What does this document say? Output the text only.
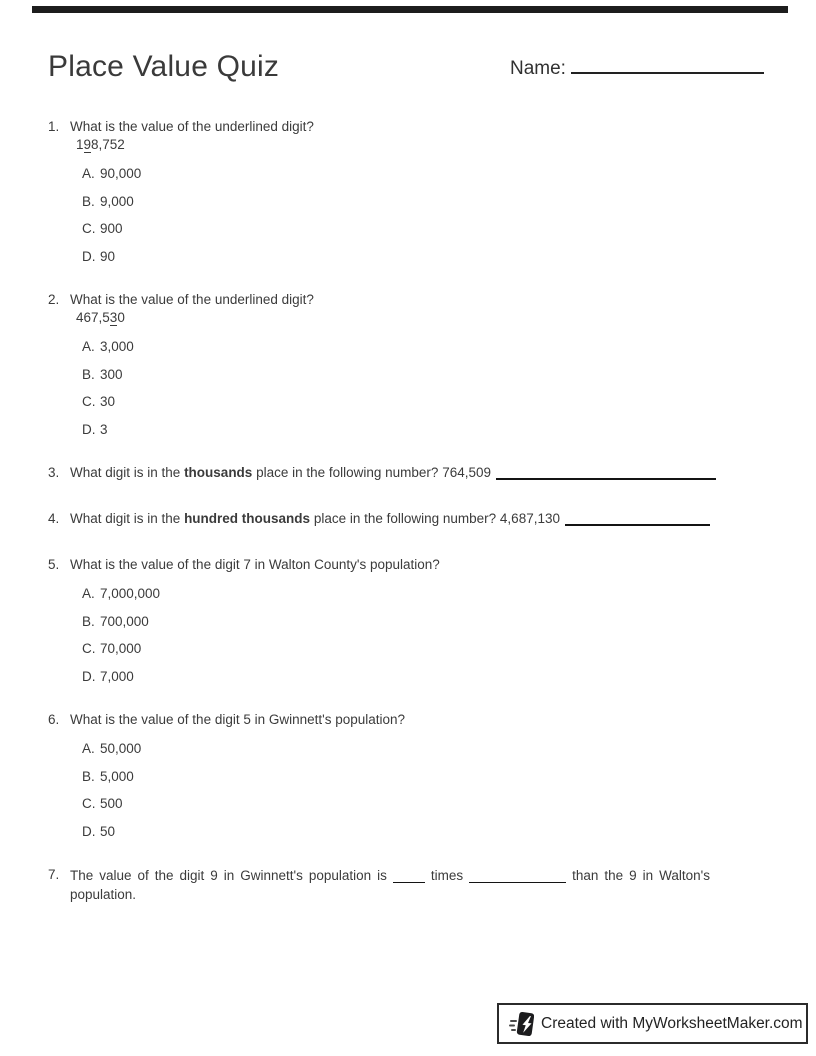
Place Value Quiz	Name:
1. What is the value of the underlined digit?
198,752
A. 90,000
B. 9,000
C. 900
D. 90
2. What is the value of the underlined digit?
467,530
A. 3,000
B. 300
C. 30
D. 3
3. What digit is in the thousands place in the following number? 764,509
4. What digit is in the hundred thousands place in the following number? 4,687,130
5. What is the value of the digit 7 in Walton County's population?
A. 7,000,000
B. 700,000
C. 70,000
D. 7,000
6. What is the value of the digit 5 in Gwinnett's population?
A. 50,000
B. 5,000
C. 500
D. 50
7. The value of the digit 9 in Gwinnett's population is	times	than the 9 in Walton's population.
Created with MyWorksheetMaker.com
